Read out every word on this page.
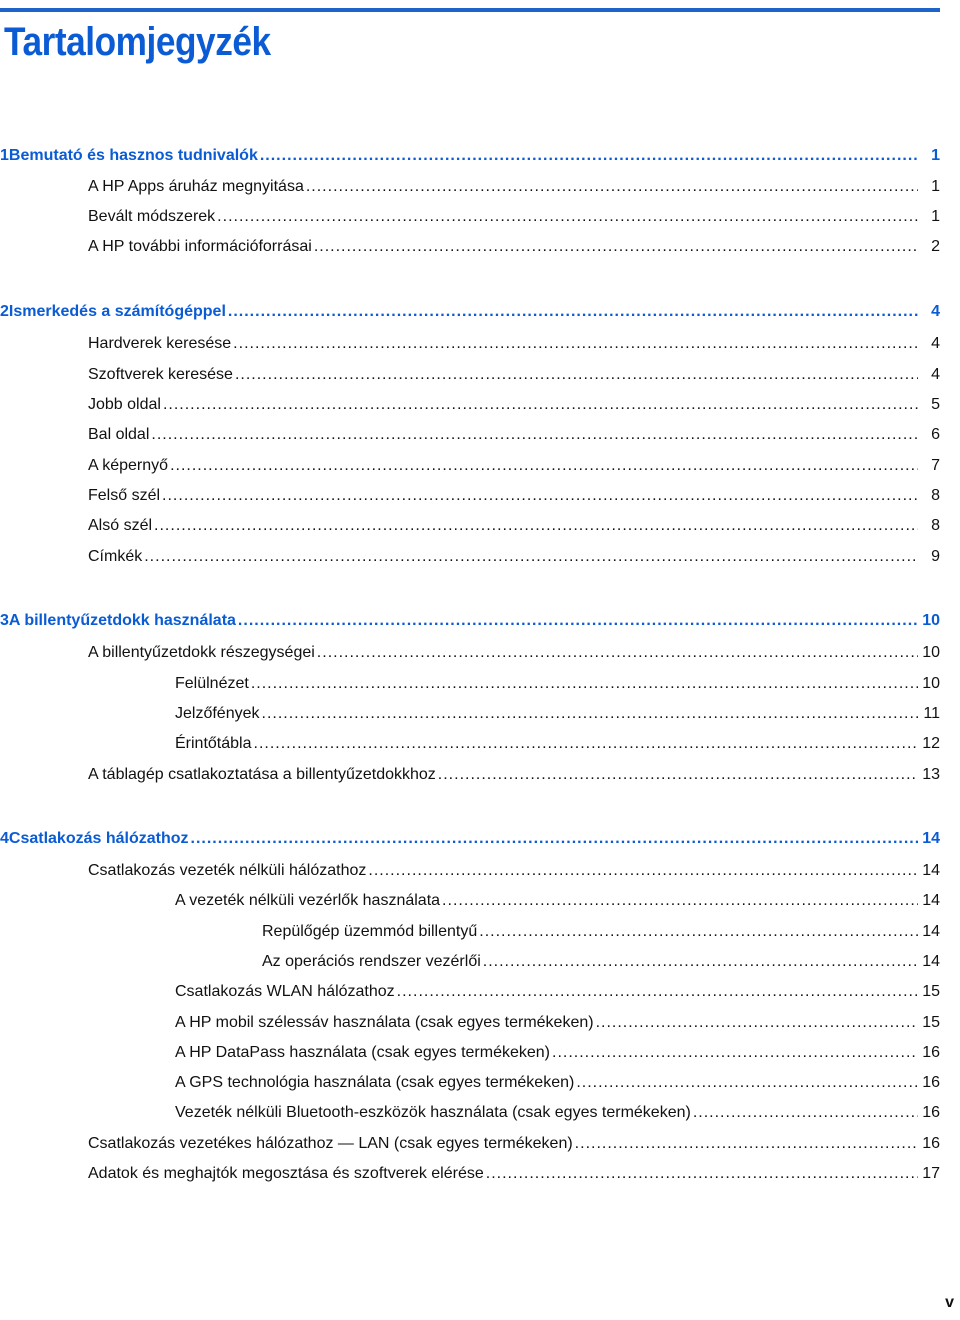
Tartalomjegyzék
1 Bemutató és hasznos tudnivalók .....	1
A HP Apps áruház megnyitása .....	1
Bevált módszerek .....	1
A HP további információforrásai .....	2
2 Ismerkedés a számítógéppel .....	4
Hardverek keresése .....	4
Szoftverek keresése .....	4
Jobb oldal .....	5
Bal oldal .....	6
A képernyő .....	7
Felső szél .....	8
Alsó szél .....	8
Címkék .....	9
3 A billentyűzetdokk használata .....	10
A billentyűzetdokk részegységei .....	10
Felülnézet .....	10
Jelzőfények .....	11
Érintőtábla .....	12
A táblagép csatlakoztatása a billentyűzetdokkhoz .....	13
4 Csatlakozás hálózathoz .....	14
Csatlakozás vezeték nélküli hálózathoz .....	14
A vezeték nélküli vezérlők használata .....	14
Repülőgép üzemmód billentyű .....	14
Az operációs rendszer vezérlői .....	14
Csatlakozás WLAN hálózathoz .....	15
A HP mobil szélessáv használata (csak egyes termékeken) .....	15
A HP DataPass használata (csak egyes termékeken) .....	16
A GPS technológia használata (csak egyes termékeken) .....	16
Vezeték nélküli Bluetooth-eszközök használata (csak egyes termékeken) .....	16
Csatlakozás vezetékes hálózathoz — LAN (csak egyes termékeken) .....	16
Adatok és meghajtók megosztása és szoftverek elérése .....	17
v
